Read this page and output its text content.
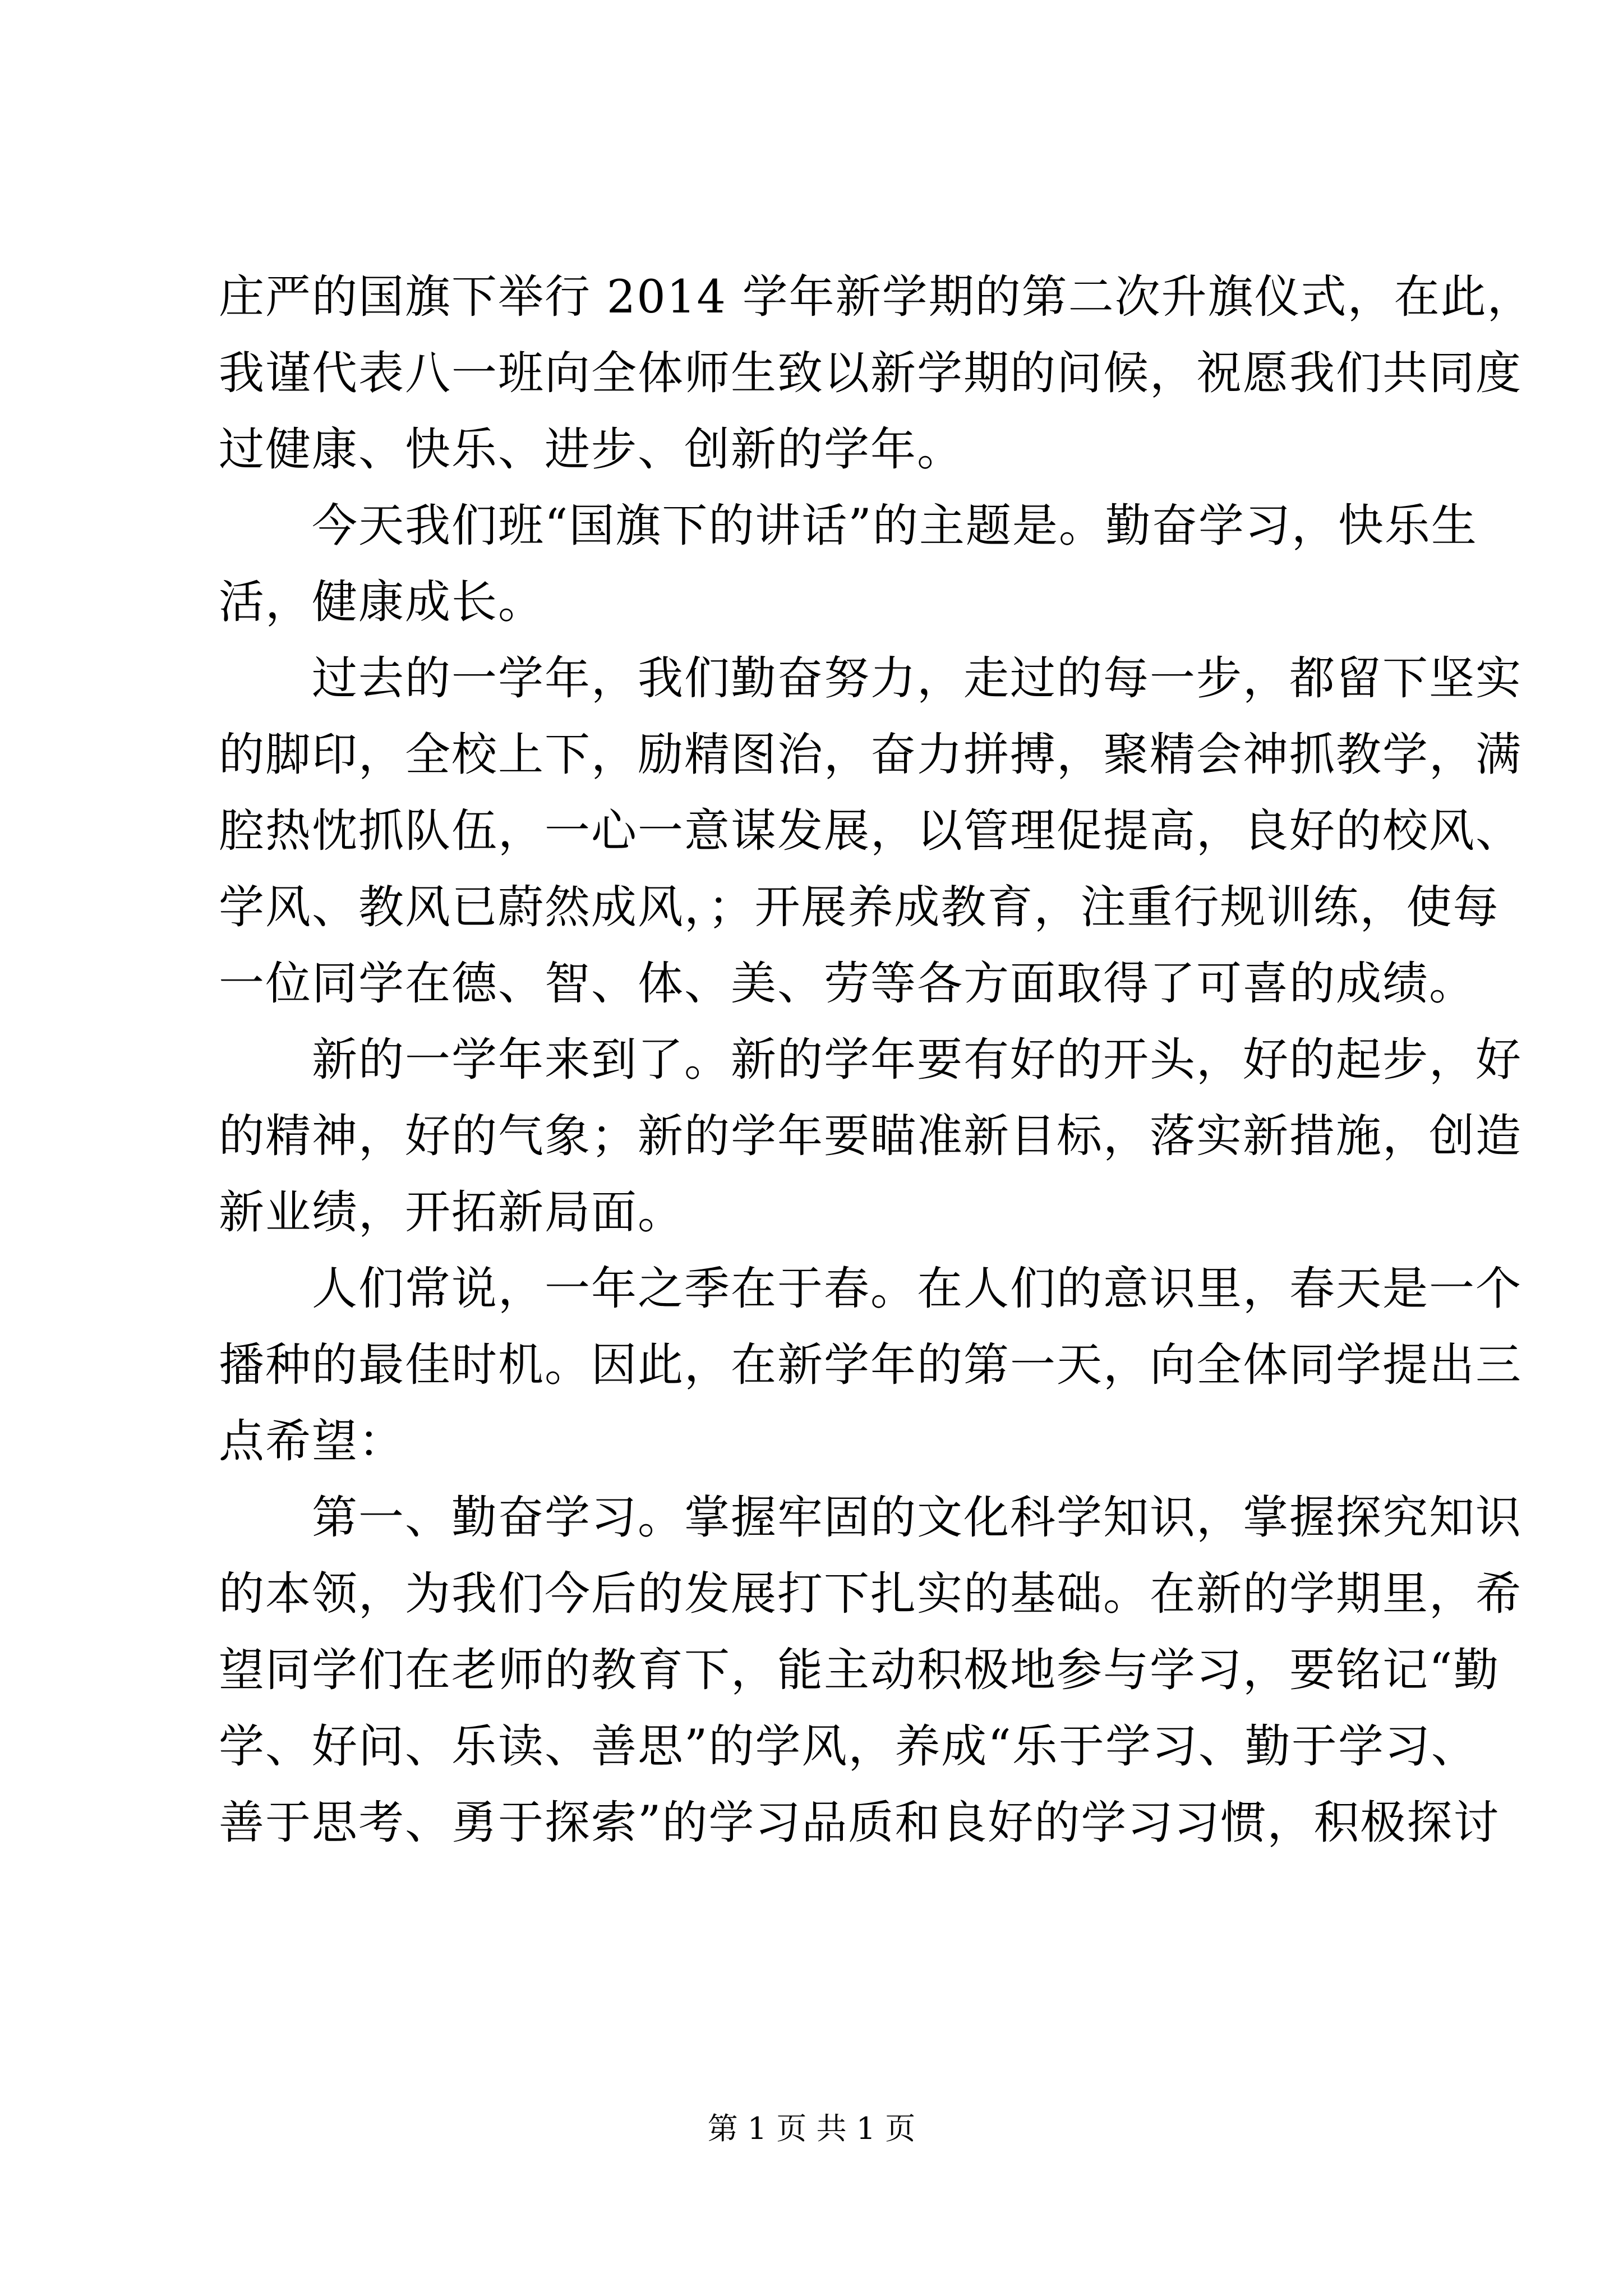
庄严的国旗下举行 2014 学年新学期的第二次升旗仪式，在此，
我谨代表八一班向全体师生致以新学期的问候，祝愿我们共同度
过健康、快乐、进步、创新的学年。
　　今天我们班“国旗下的讲话”的主题是。勤奋学习，快乐生
活，健康成长。
　　过去的一学年，我们勤奋努力，走过的每一步，都留下坚实
的脚印，全校上下，励精图治，奋力拼搏，聚精会神抓教学，满
腔热忱抓队伍，一心一意谋发展，以管理促提高，良好的校风、
学风、教风已蔚然成风，；开展养成教育，注重行规训练，使每
一位同学在德、智、体、美、劳等各方面取得了可喜的成绩。
　　新的一学年来到了。新的学年要有好的开头，好的起步，好
的精神，好的气象；新的学年要瞄准新目标，落实新措施，创造
新业绩，开拓新局面。
　　人们常说，一年之季在于春。在人们的意识里，春天是一个
播种的最佳时机。因此，在新学年的第一天，向全体同学提出三
点希望：
　　第一、勤奋学习。掌握牢固的文化科学知识，掌握探究知识
的本领，为我们今后的发展打下扎实的基础。在新的学期里，希
望同学们在老师的教育下，能主动积极地参与学习，要铭记“勤
学、好问、乐读、善思”的学风，养成“乐于学习、勤于学习、
善于思考、勇于探索”的学习品质和良好的学习习惯，积极探讨
第 1 页 共 1 页
